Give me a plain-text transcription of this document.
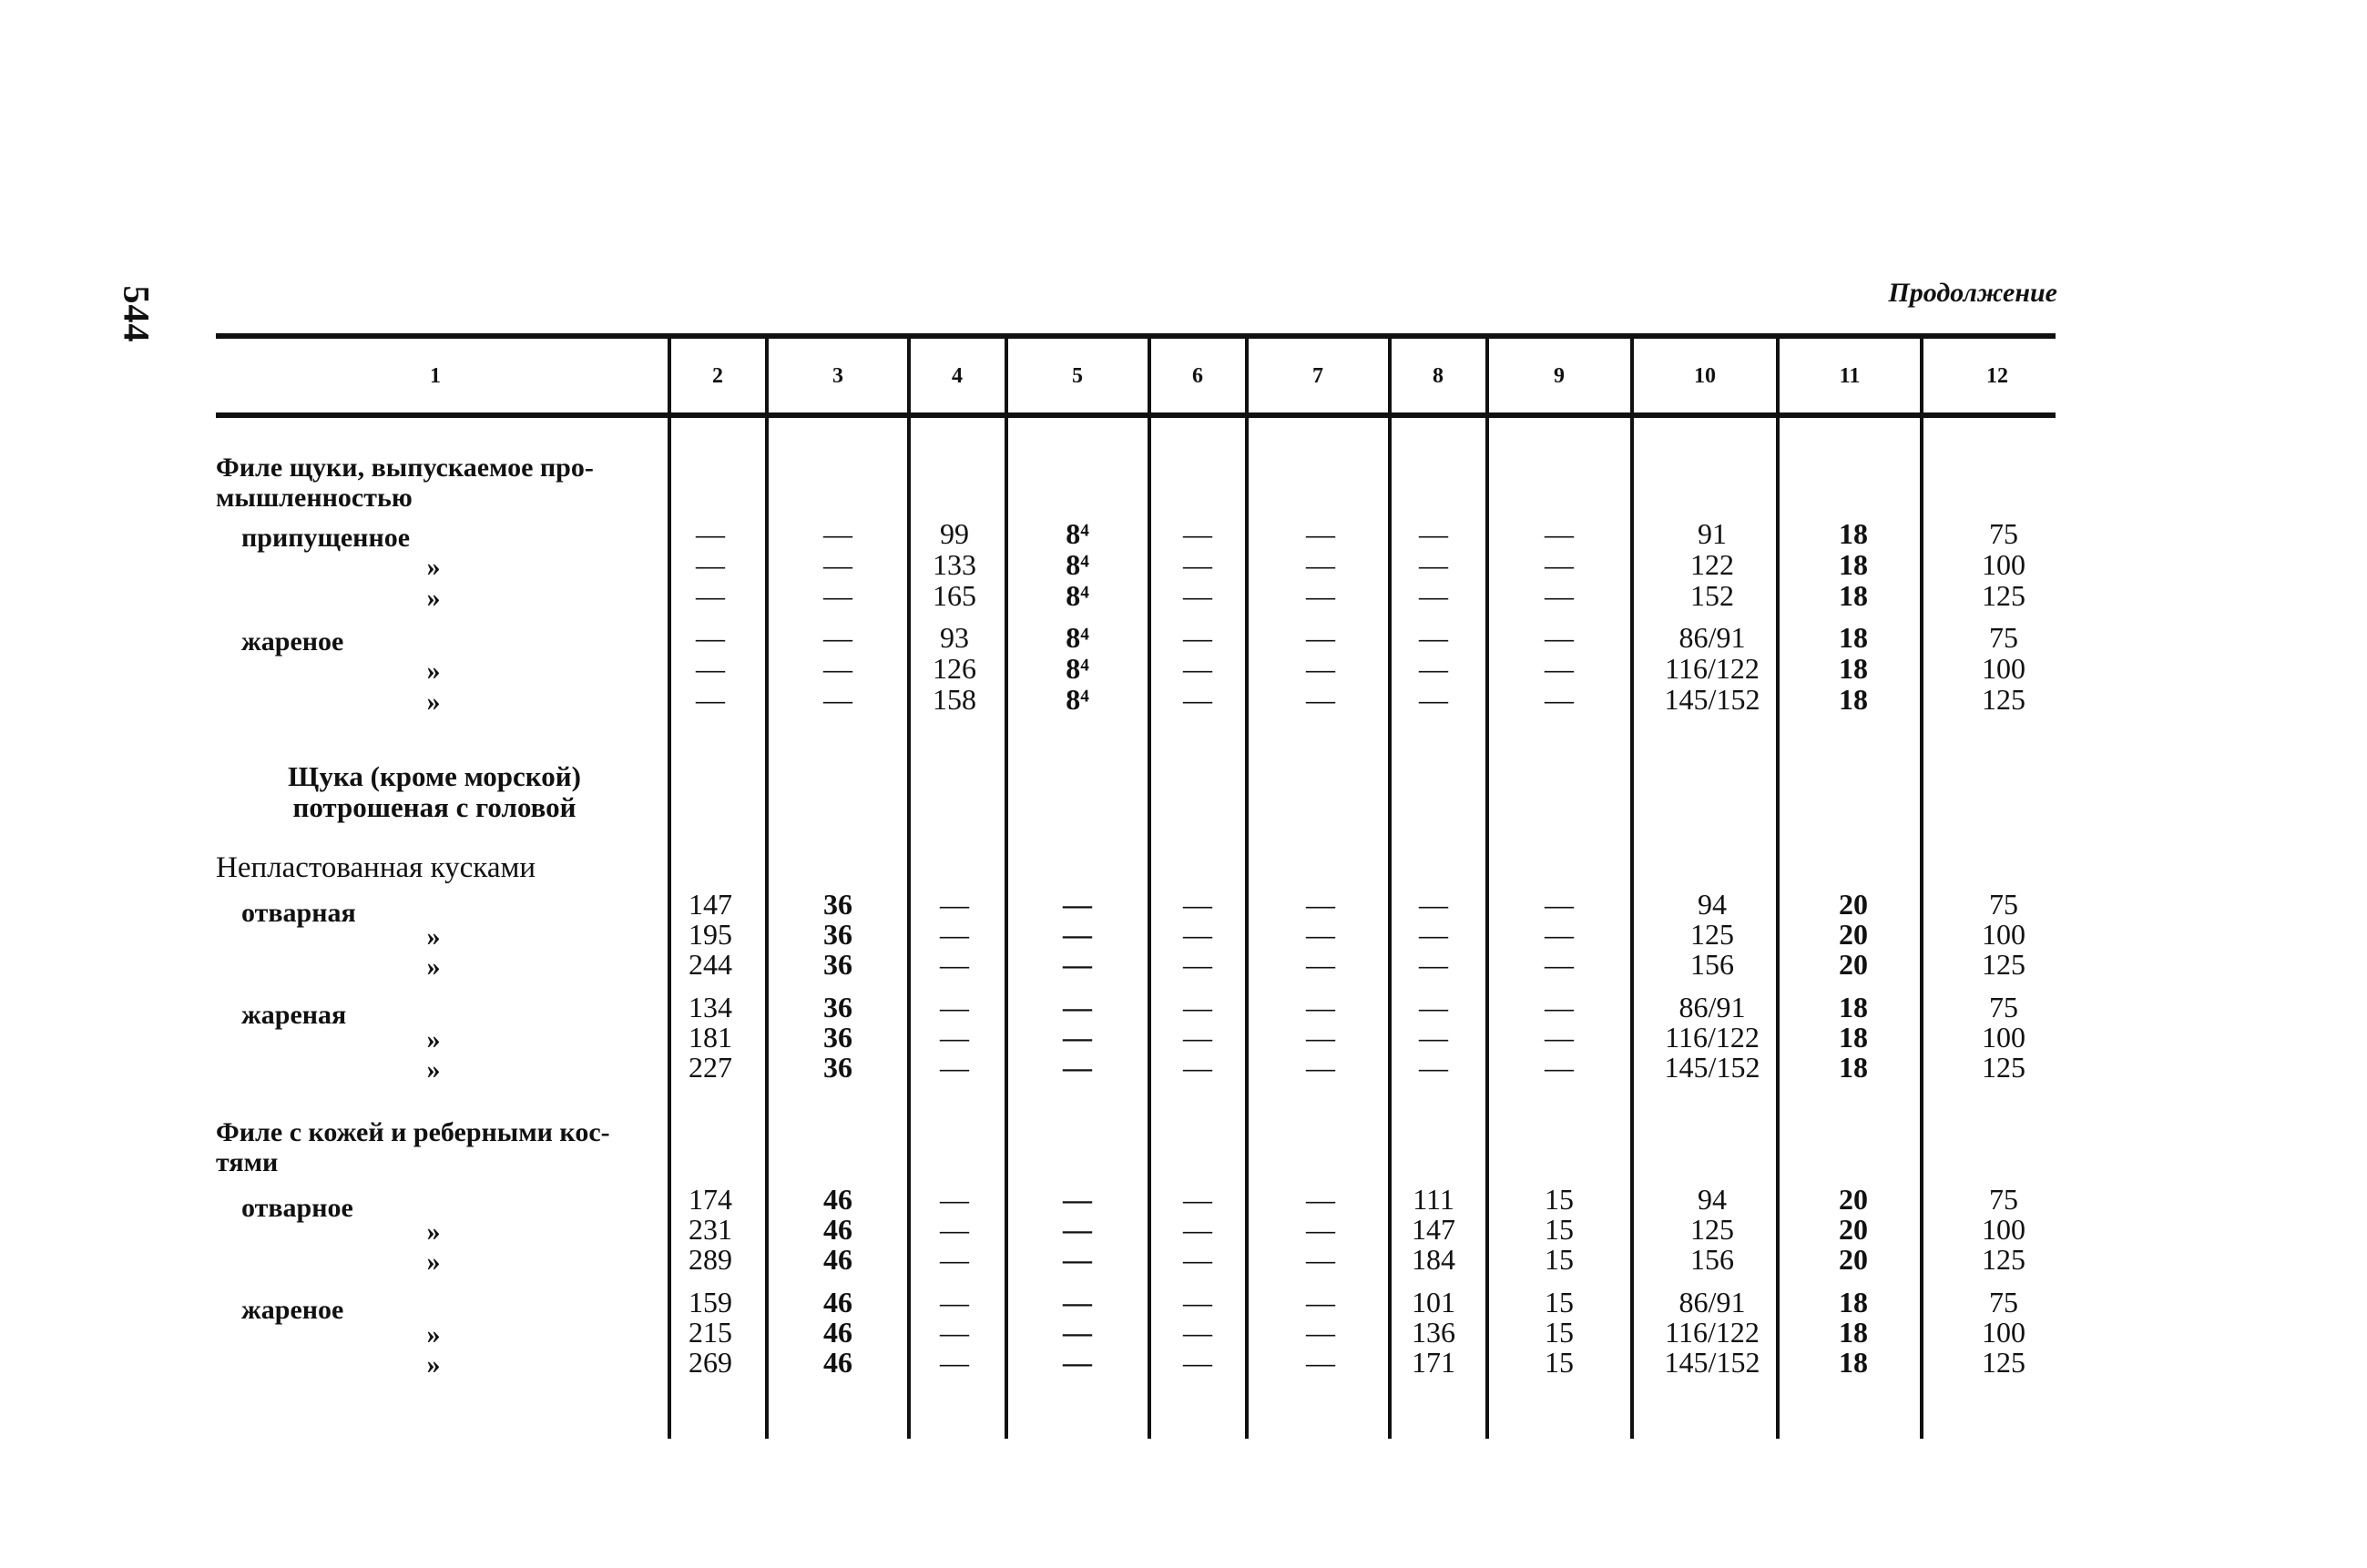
544	Продолжение
1	2	3	4	5	6	7	8	9	10	11	12
Филе щуки, выпускаемое про-
мышленностью
припущенное	—	—	99	8⁴	—	—	—	—	91	18	75
»	—	—	133	8⁴	—	—	—	—	122	18	100
»	—	—	165	8⁴	—	—	—	—	152	18	125
жареное	—	—	93	8⁴	—	—	—	—	86/91	18	75
»	—	—	126	8⁴	—	—	—	—	116/122	18	100
»	—	—	158	8⁴	—	—	—	—	145/152	18	125
Щука (кроме морской)
потрошеная с головой
Непластованная кусками
отварная	147	36	—	—	—	—	—	—	94	20	75
»	195	36	—	—	—	—	—	—	125	20	100
»	244	36	—	—	—	—	—	—	156	20	125
жареная	134	36	—	—	—	—	—	—	86/91	18	75
»	181	36	—	—	—	—	—	—	116/122	18	100
»	227	36	—	—	—	—	—	—	145/152	18	125
Филе с кожей и реберными кос-
тями
отварное	174	46	—	—	—	—	111	15	94	20	75
»	231	46	—	—	—	—	147	15	125	20	100
»	289	46	—	—	—	—	184	15	156	20	125
жареное	159	46	—	—	—	—	101	15	86/91	18	75
»	215	46	—	—	—	—	136	15	116/122	18	100
»	269	46	—	—	—	—	171	15	145/152	18	125
